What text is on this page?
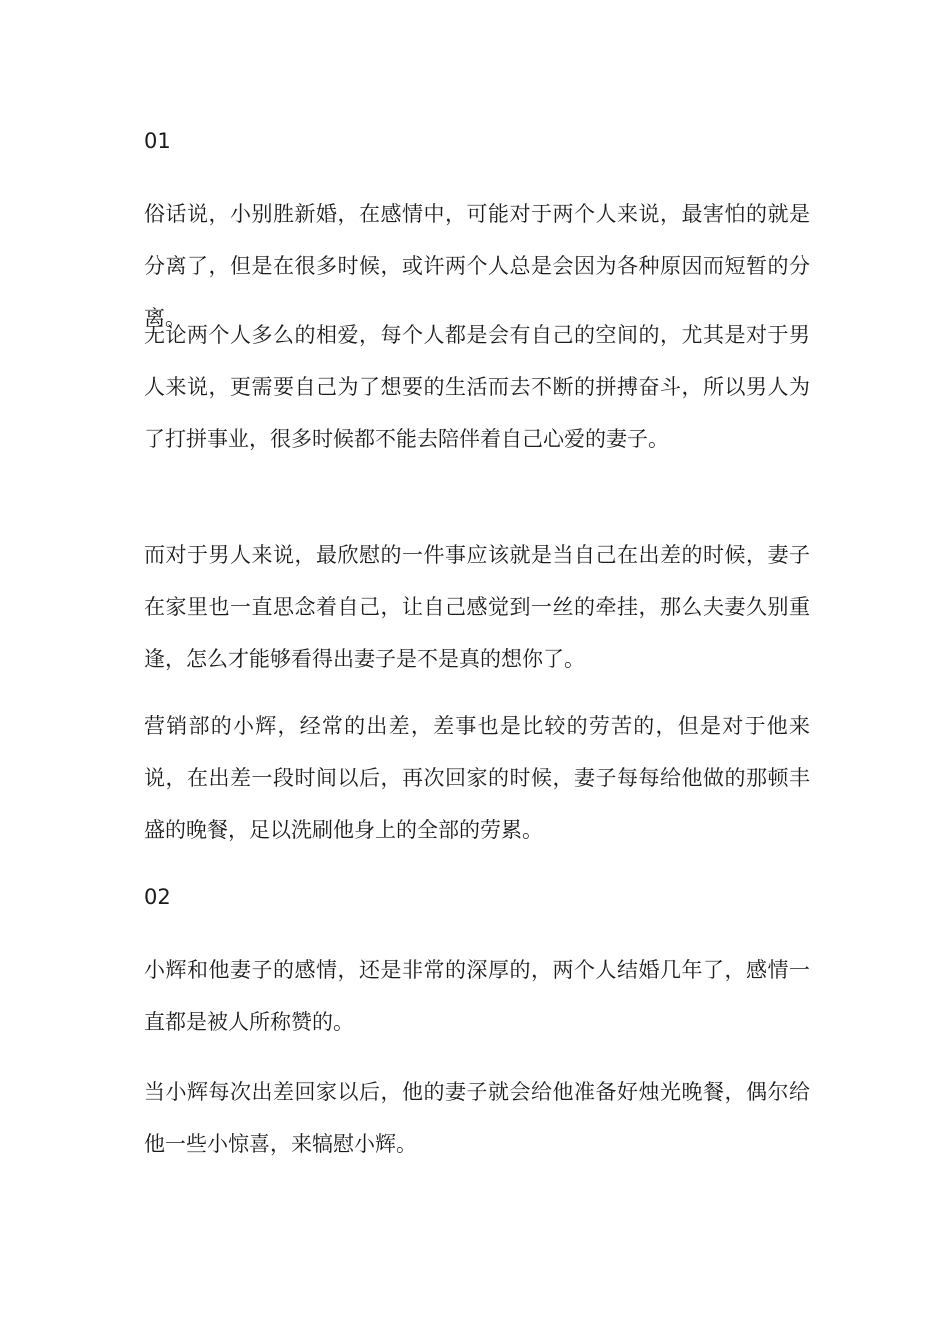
01

俗话说，小别胜新婚，在感情中，可能对于两个人来说，最害怕的就是分离了，但是在很多时候，或许两个人总是会因为各种原因而短暂的分离。

无论两个人多么的相爱，每个人都是会有自己的空间的，尤其是对于男人来说，更需要自己为了想要的生活而去不断的拼搏奋斗，所以男人为了打拼事业，很多时候都不能去陪伴着自己心爱的妻子。

而对于男人来说，最欣慰的一件事应该就是当自己在出差的时候，妻子在家里也一直思念着自己，让自己感觉到一丝的牵挂，那么夫妻久别重逢，怎么才能够看得出妻子是不是真的想你了。

营销部的小辉，经常的出差，差事也是比较的劳苦的，但是对于他来说，在出差一段时间以后，再次回家的时候，妻子每每给他做的那顿丰盛的晚餐，足以洗刷他身上的全部的劳累。

02

小辉和他妻子的感情，还是非常的深厚的，两个人结婚几年了，感情一直都是被人所称赞的。

当小辉每次出差回家以后，他的妻子就会给他准备好烛光晚餐，偶尔给他一些小惊喜，来犒慰小辉。
